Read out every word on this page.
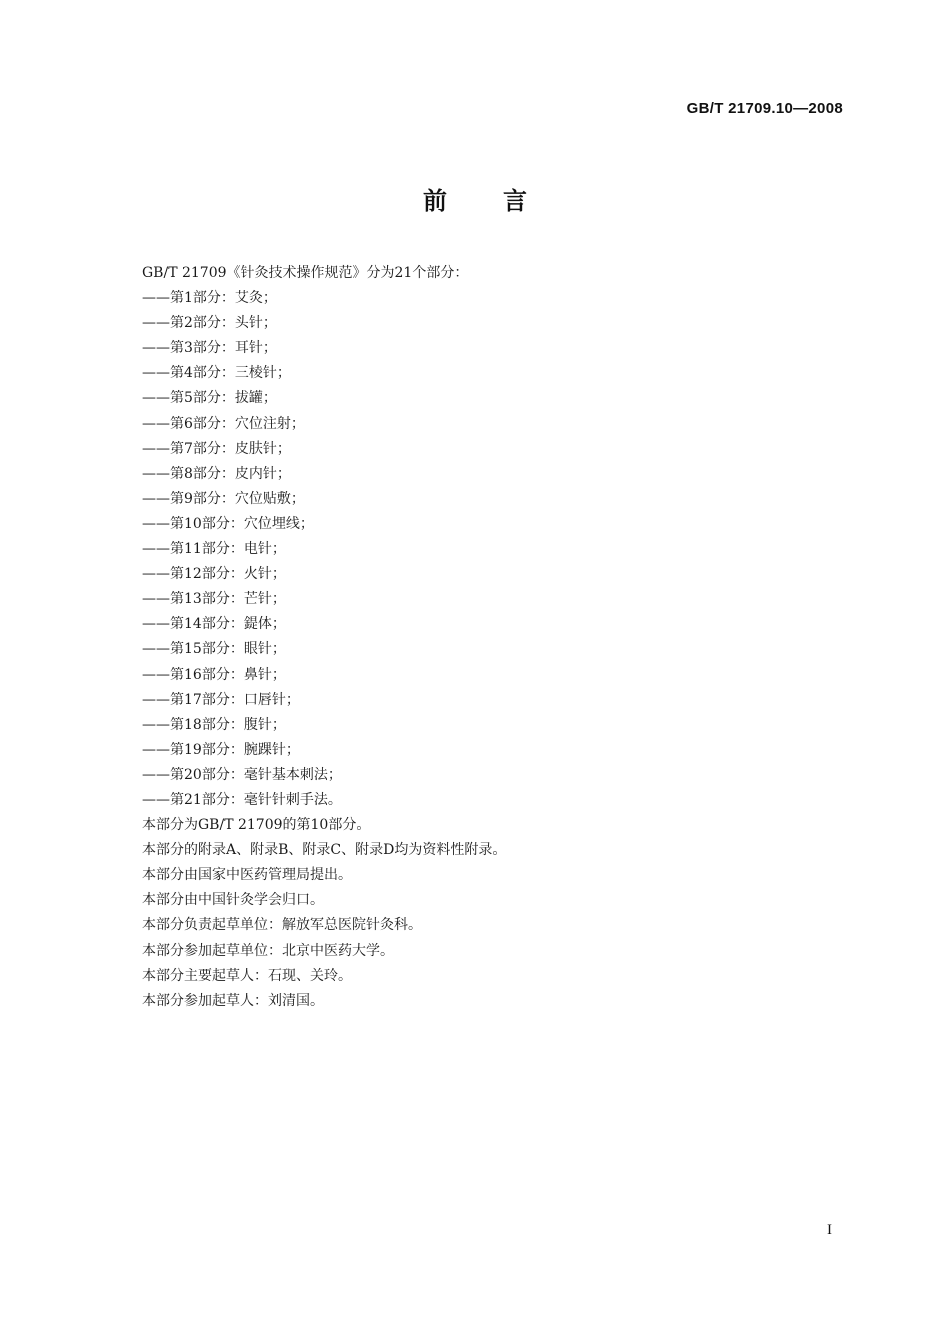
GB/T 21709.10—2008
前言
GB/T 21709《针灸技术操作规范》分为21个部分：
——第1部分：艾灸；
——第2部分：头针；
——第3部分：耳针；
——第4部分：三棱针；
——第5部分：拔罐；
——第6部分：穴位注射；
——第7部分：皮肤针；
——第8部分：皮内针；
——第9部分：穴位贴敷；
——第10部分：穴位埋线；
——第11部分：电针；
——第12部分：火针；
——第13部分：芒针；
——第14部分：鍉体；
——第15部分：眼针；
——第16部分：鼻针；
——第17部分：口唇针；
——第18部分：腹针；
——第19部分：腕踝针；
——第20部分：毫针基本刺法；
——第21部分：毫针针刺手法。
本部分为GB/T 21709的第10部分。
本部分的附录A、附录B、附录C、附录D均为资料性附录。
本部分由国家中医药管理局提出。
本部分由中国针灸学会归口。
本部分负责起草单位：解放军总医院针灸科。
本部分参加起草单位：北京中医药大学。
本部分主要起草人：石现、关玲。
本部分参加起草人：刘清国。
I
